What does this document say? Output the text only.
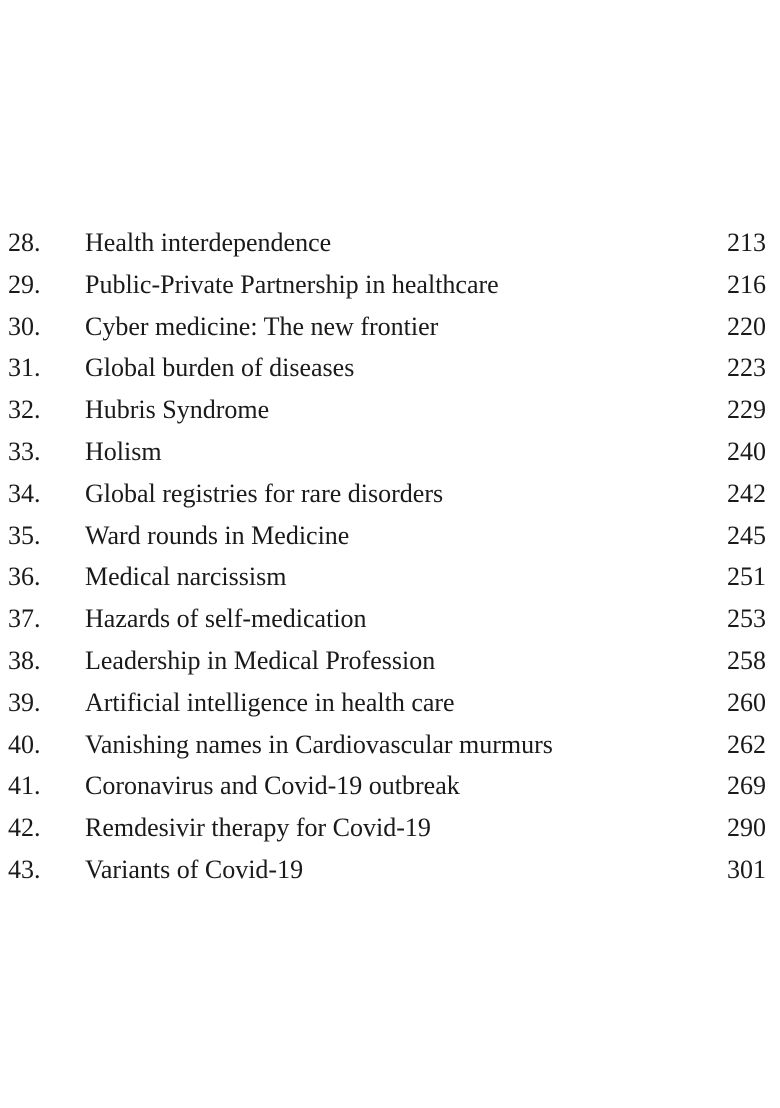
28. Health interdependence	213
29. Public-Private Partnership in healthcare	216
30. Cyber medicine: The new frontier	220
31. Global burden of diseases	223
32. Hubris Syndrome	229
33. Holism	240
34. Global registries for rare disorders	242
35. Ward rounds in Medicine	245
36. Medical narcissism	251
37. Hazards of self-medication	253
38. Leadership in Medical Profession	258
39. Artificial intelligence in health care	260
40. Vanishing names in Cardiovascular murmurs	262
41. Coronavirus and Covid-19 outbreak	269
42. Remdesivir therapy for Covid-19	290
43. Variants of Covid-19	301
